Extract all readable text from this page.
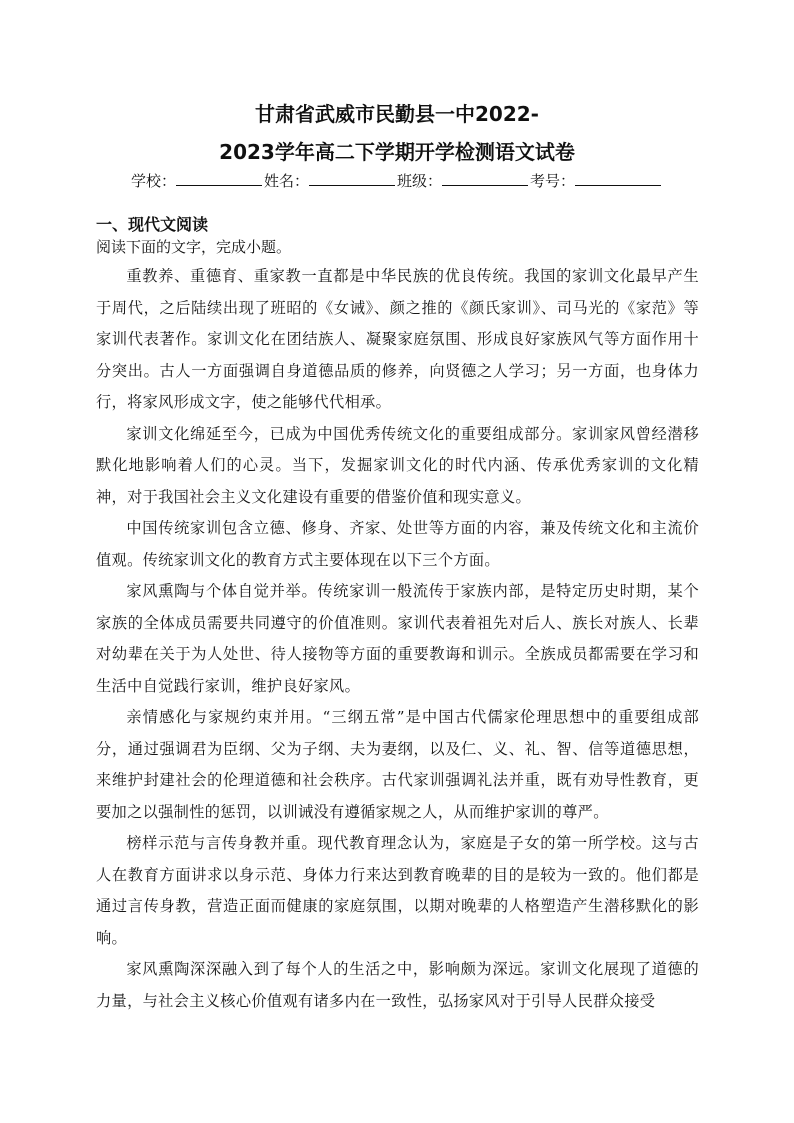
甘肃省武威市民勤县一中2022-
2023学年高二下学期开学检测语文试卷
学校：	姓名：	班级：	考号：
一、现代文阅读
阅读下面的文字，完成小题。

重教养、重德育、重家教一直都是中华民族的优良传统。我国的家训文化最早产生于周代，之后陆续出现了班昭的《女诫》、颜之推的《颜氏家训》、司马光的《家范》等家训代表著作。家训文化在团结族人、凝聚家庭氛围、形成良好家族风气等方面作用十分突出。古人一方面强调自身道德品质的修养，向贤德之人学习；另一方面，也身体力行，将家风形成文字，使之能够代代相承。

家训文化绵延至今，已成为中国优秀传统文化的重要组成部分。家训家风曾经潜移默化地影响着人们的心灵。当下，发掘家训文化的时代内涵、传承优秀家训的文化精神，对于我国社会主义文化建设有重要的借鉴价值和现实意义。

中国传统家训包含立德、修身、齐家、处世等方面的内容，兼及传统文化和主流价值观。传统家训文化的教育方式主要体现在以下三个方面。

家风熏陶与个体自觉并举。传统家训一般流传于家族内部，是特定历史时期，某个家族的全体成员需要共同遵守的价值准则。家训代表着祖先对后人、族长对族人、长辈对幼辈在关于为人处世、待人接物等方面的重要教诲和训示。全族成员都需要在学习和生活中自觉践行家训，维护良好家风。

亲情感化与家规约束并用。“三纲五常”是中国古代儒家伦理思想中的重要组成部分，通过强调君为臣纲、父为子纲、夫为妻纲，以及仁、义、礼、智、信等道德思想，来维护封建社会的伦理道德和社会秩序。古代家训强调礼法并重，既有劝导性教育，更要加之以强制性的惩罚，以训诫没有遵循家规之人，从而维护家训的尊严。

榜样示范与言传身教并重。现代教育理念认为，家庭是子女的第一所学校。这与古人在教育方面讲求以身示范、身体力行来达到教育晚辈的目的是较为一致的。他们都是通过言传身教，营造正面而健康的家庭氛围，以期对晚辈的人格塑造产生潜移默化的影响。

家风熏陶深深融入到了每个人的生活之中，影响颇为深远。家训文化展现了道德的力量，与社会主义核心价值观有诸多内在一致性，弘扬家风对于引导人民群众接受
